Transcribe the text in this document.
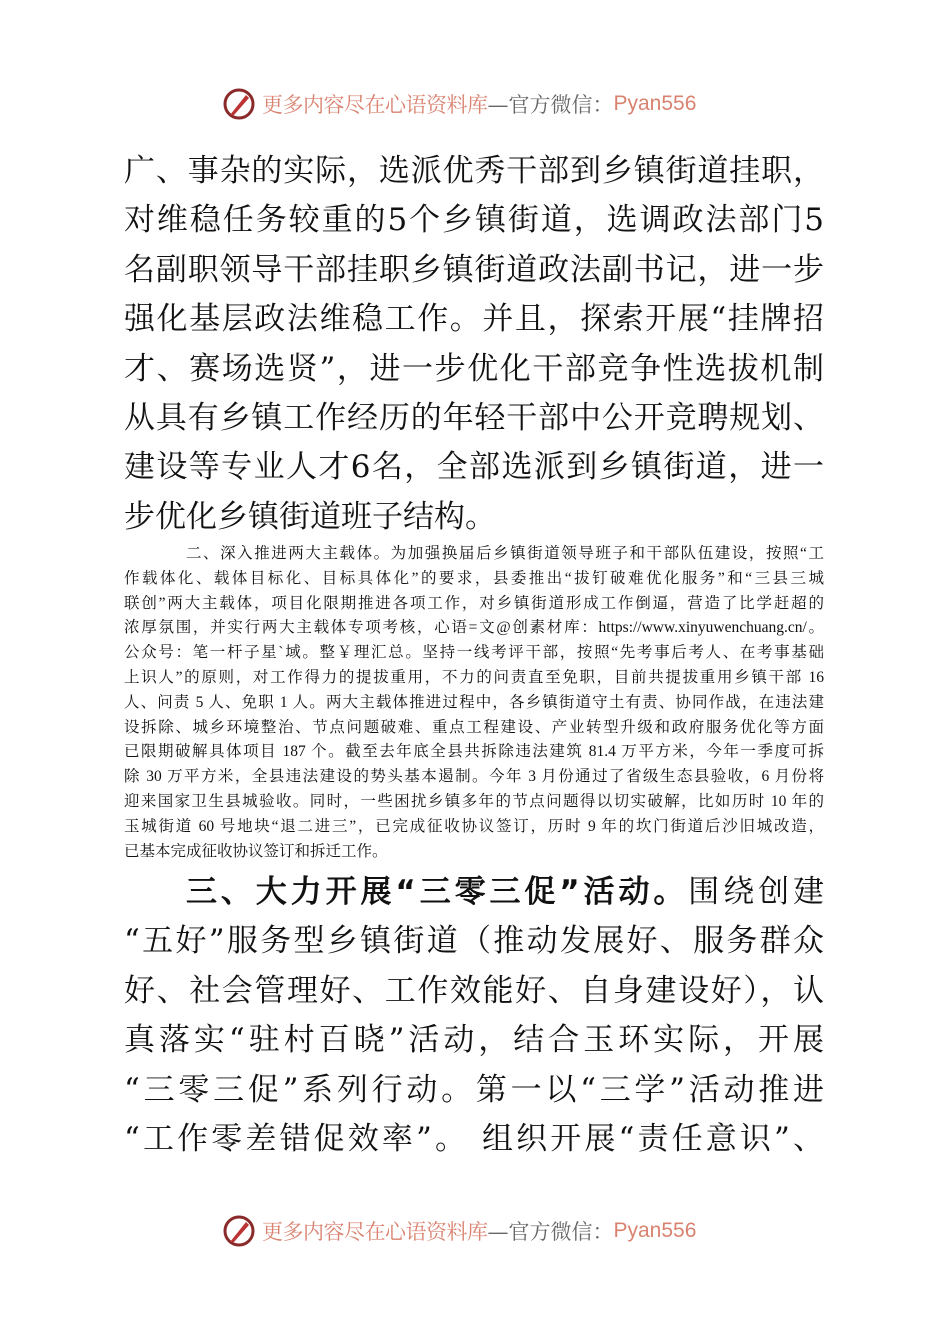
更多内容尽在心语资料库 —官方微信： Pyan556
广、事杂的实际，选派优秀干部到乡镇街道挂职，
对维稳任务较重的5个乡镇街道，选调政法部门5
名副职领导干部挂职乡镇街道政法副书记，进一步
强化基层政法维稳工作。并且，探索开展“挂牌招
才、赛场选贤”，进一步优化干部竞争性选拔机制
从具有乡镇工作经历的年轻干部中公开竞聘规划、
建设等专业人才6名，全部选派到乡镇街道，进一
步优化乡镇街道班子结构。
二、深入推进两大主载体。为加强换届后乡镇街道领导班子和干部队伍建设，按照“工
作载体化、载体目标化、目标具体化”的要求，县委推出“拔钉破难优化服务”和“三县三城
联创”两大主载体，项目化限期推进各项工作，对乡镇街道形成工作倒逼，营造了比学赶超的
浓厚氛围，并实行两大主载体专项考核，心语=文@创素材库：https://www.xinyuwenchuang.cn/。
公众号：笔一杆子星`域。整￥理汇总。坚持一线考评干部，按照“先考事后考人、在考事基础
上识人”的原则，对工作得力的提拔重用，不力的问责直至免职，目前共提拔重用乡镇干部 16
人、问责 5 人、免职 1 人。两大主载体推进过程中，各乡镇街道守土有责、协同作战，在违法建
设拆除、城乡环境整治、节点问题破难、重点工程建设、产业转型升级和政府服务优化等方面
已限期破解具体项目 187 个。截至去年底全县共拆除违法建筑 81.4 万平方米，今年一季度可拆
除 30 万平方米，全县违法建设的势头基本遏制。今年 3 月份通过了省级生态县验收，6 月份将
迎来国家卫生县城验收。同时，一些困扰乡镇多年的节点问题得以切实破解，比如历时 10 年的
玉城街道 60 号地块“退二进三”，已完成征收协议签订，历时 9 年的坎门街道后沙旧城改造，
已基本完成征收协议签订和拆迁工作。
三、大力开展“三零三促”活动。围绕创建
“五好”服务型乡镇街道（推动发展好、服务群众
好、社会管理好、工作效能好、自身建设好），认
真落实“驻村百晓”活动，结合玉环实际，开展
“三零三促”系列行动。第一以“三学”活动推进
“工作零差错促效率”。 组织开展“责任意识”、
更多内容尽在心语资料库 —官方微信： Pyan556
